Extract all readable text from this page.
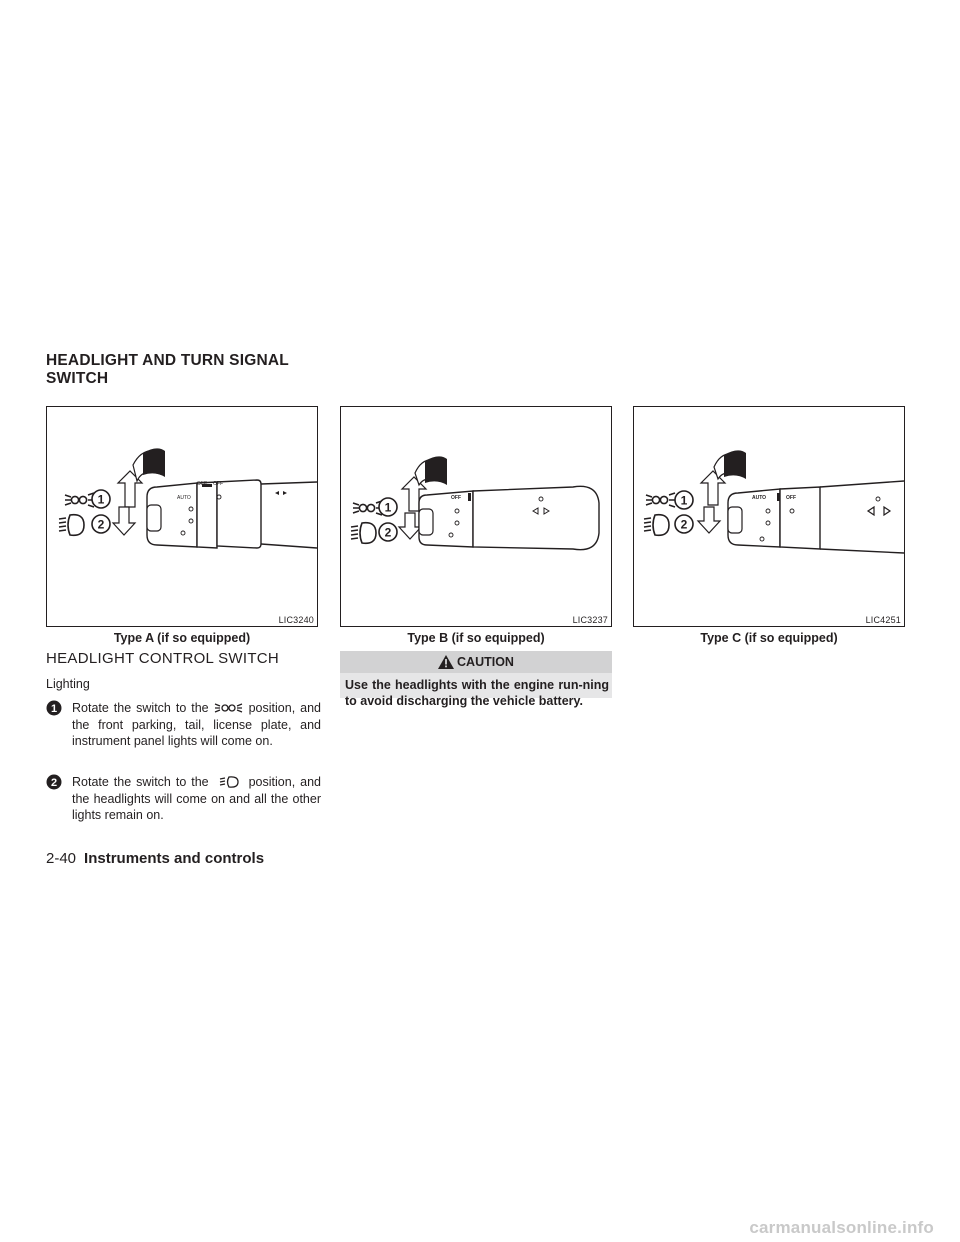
HEADLIGHT AND TURN SIGNAL
SWITCH
1
2
OFF OFF
AUTO
LIC3240
1
2
OFF
LIC3237
1
2
AUTO	OFF
LIC4251
Type A (if so equipped)	Type B (if so equipped)	Type C (if so equipped)
HEADLIGHT CONTROL SWITCH
Lighting
1 Rotate the switch to the	position, and the front parking, tail, license plate, and instrument panel lights will come on.
2 Rotate the switch to the	position, and the headlights will come on and all the other lights remain on.
CAUTION
Use the headlights with the engine run-ning to avoid discharging the vehicle battery.
2-40 Instruments and controls
carmanualsonline.info
